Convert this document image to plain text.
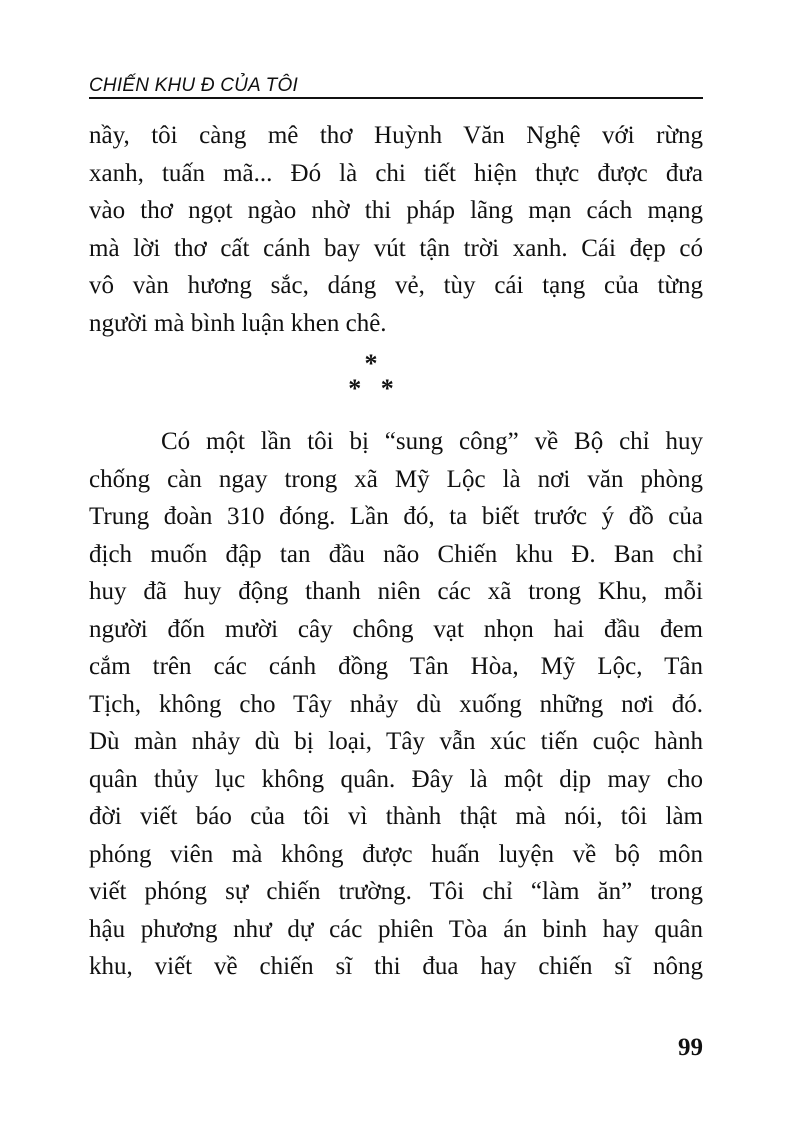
CHIẾN KHU Đ CỦA TÔI
nầy, tôi càng mê thơ Huỳnh Văn Nghệ với rừng
xanh, tuấn mã... Đó là chi tiết hiện thực được đưa
vào thơ ngọt ngào nhờ thi pháp lãng mạn cách mạng
mà lời thơ cất cánh bay vút tận trời xanh. Cái đẹp có
vô vàn hương sắc, dáng vẻ, tùy cái tạng của từng
người mà bình luận khen chê.
*
*   *
Có một lần tôi bị “sung công” về Bộ chỉ huy
chống càn ngay trong xã Mỹ Lộc là nơi văn phòng
Trung đoàn 310 đóng. Lần đó, ta biết trước ý đồ của
địch muốn đập tan đầu não Chiến khu Đ. Ban chỉ
huy đã huy động thanh niên các xã trong Khu, mỗi
người đốn mười cây chông vạt nhọn hai đầu đem
cắm trên các cánh đồng Tân Hòa, Mỹ Lộc, Tân
Tịch, không cho Tây nhảy dù xuống những nơi đó.
Dù màn nhảy dù bị loại, Tây vẫn xúc tiến cuộc hành
quân thủy lục không quân. Đây là một dịp may cho
đời viết báo của tôi vì thành thật mà nói, tôi làm
phóng viên mà không được huấn luyện về bộ môn
viết phóng sự chiến trường. Tôi chỉ “làm ăn” trong
hậu phương như dự các phiên Tòa án binh hay quân
khu, viết về chiến sĩ thi đua hay chiến sĩ nông
99
